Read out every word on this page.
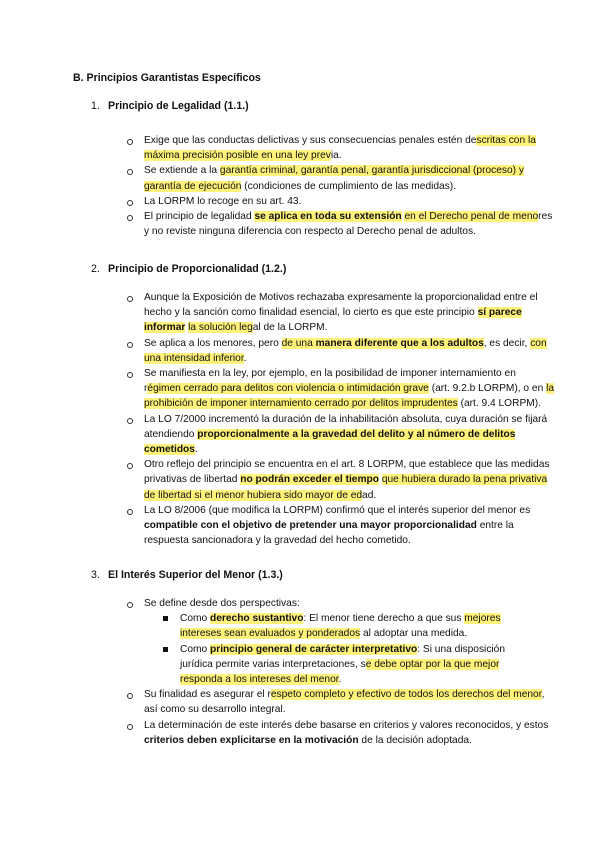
B. Principios Garantistas Específicos
1. Principio de Legalidad (1.1.)
Exige que las conductas delictivas y sus consecuencias penales estén descritas con la máxima precisión posible en una ley previa.
Se extiende a la garantía criminal, garantía penal, garantía jurisdiccional (proceso) y garantía de ejecución (condiciones de cumplimiento de las medidas).
La LORPM lo recoge en su art. 43.
El principio de legalidad se aplica en toda su extensión en el Derecho penal de menores y no reviste ninguna diferencia con respecto al Derecho penal de adultos.
2. Principio de Proporcionalidad (1.2.)
Aunque la Exposición de Motivos rechazaba expresamente la proporcionalidad entre el hecho y la sanción como finalidad esencial, lo cierto es que este principio sí parece informar la solución legal de la LORPM.
Se aplica a los menores, pero de una manera diferente que a los adultos, es decir, con una intensidad inferior.
Se manifiesta en la ley, por ejemplo, en la posibilidad de imponer internamiento en régimen cerrado para delitos con violencia o intimidación grave (art. 9.2.b LORPM), o en la prohibición de imponer internamiento cerrado por delitos imprudentes (art. 9.4 LORPM).
La LO 7/2000 incrementó la duración de la inhabilitación absoluta, cuya duración se fijará atendiendo proporcionalmente a la gravedad del delito y al número de delitos cometidos.
Otro reflejo del principio se encuentra en el art. 8 LORPM, que establece que las medidas privativas de libertad no podrán exceder el tiempo que hubiera durado la pena privativa de libertad si el menor hubiera sido mayor de edad.
La LO 8/2006 (que modifica la LORPM) confirmó que el interés superior del menor es compatible con el objetivo de pretender una mayor proporcionalidad entre la respuesta sancionadora y la gravedad del hecho cometido.
3. El Interés Superior del Menor (1.3.)
Se define desde dos perspectivas:
Como derecho sustantivo: El menor tiene derecho a que sus mejores intereses sean evaluados y ponderados al adoptar una medida.
Como principio general de carácter interpretativo: Si una disposición jurídica permite varias interpretaciones, se debe optar por la que mejor responda a los intereses del menor.
Su finalidad es asegurar el respeto completo y efectivo de todos los derechos del menor, así como su desarrollo integral.
La determinación de este interés debe basarse en criterios y valores reconocidos, y estos criterios deben explicitarse en la motivación de la decisión adoptada.
